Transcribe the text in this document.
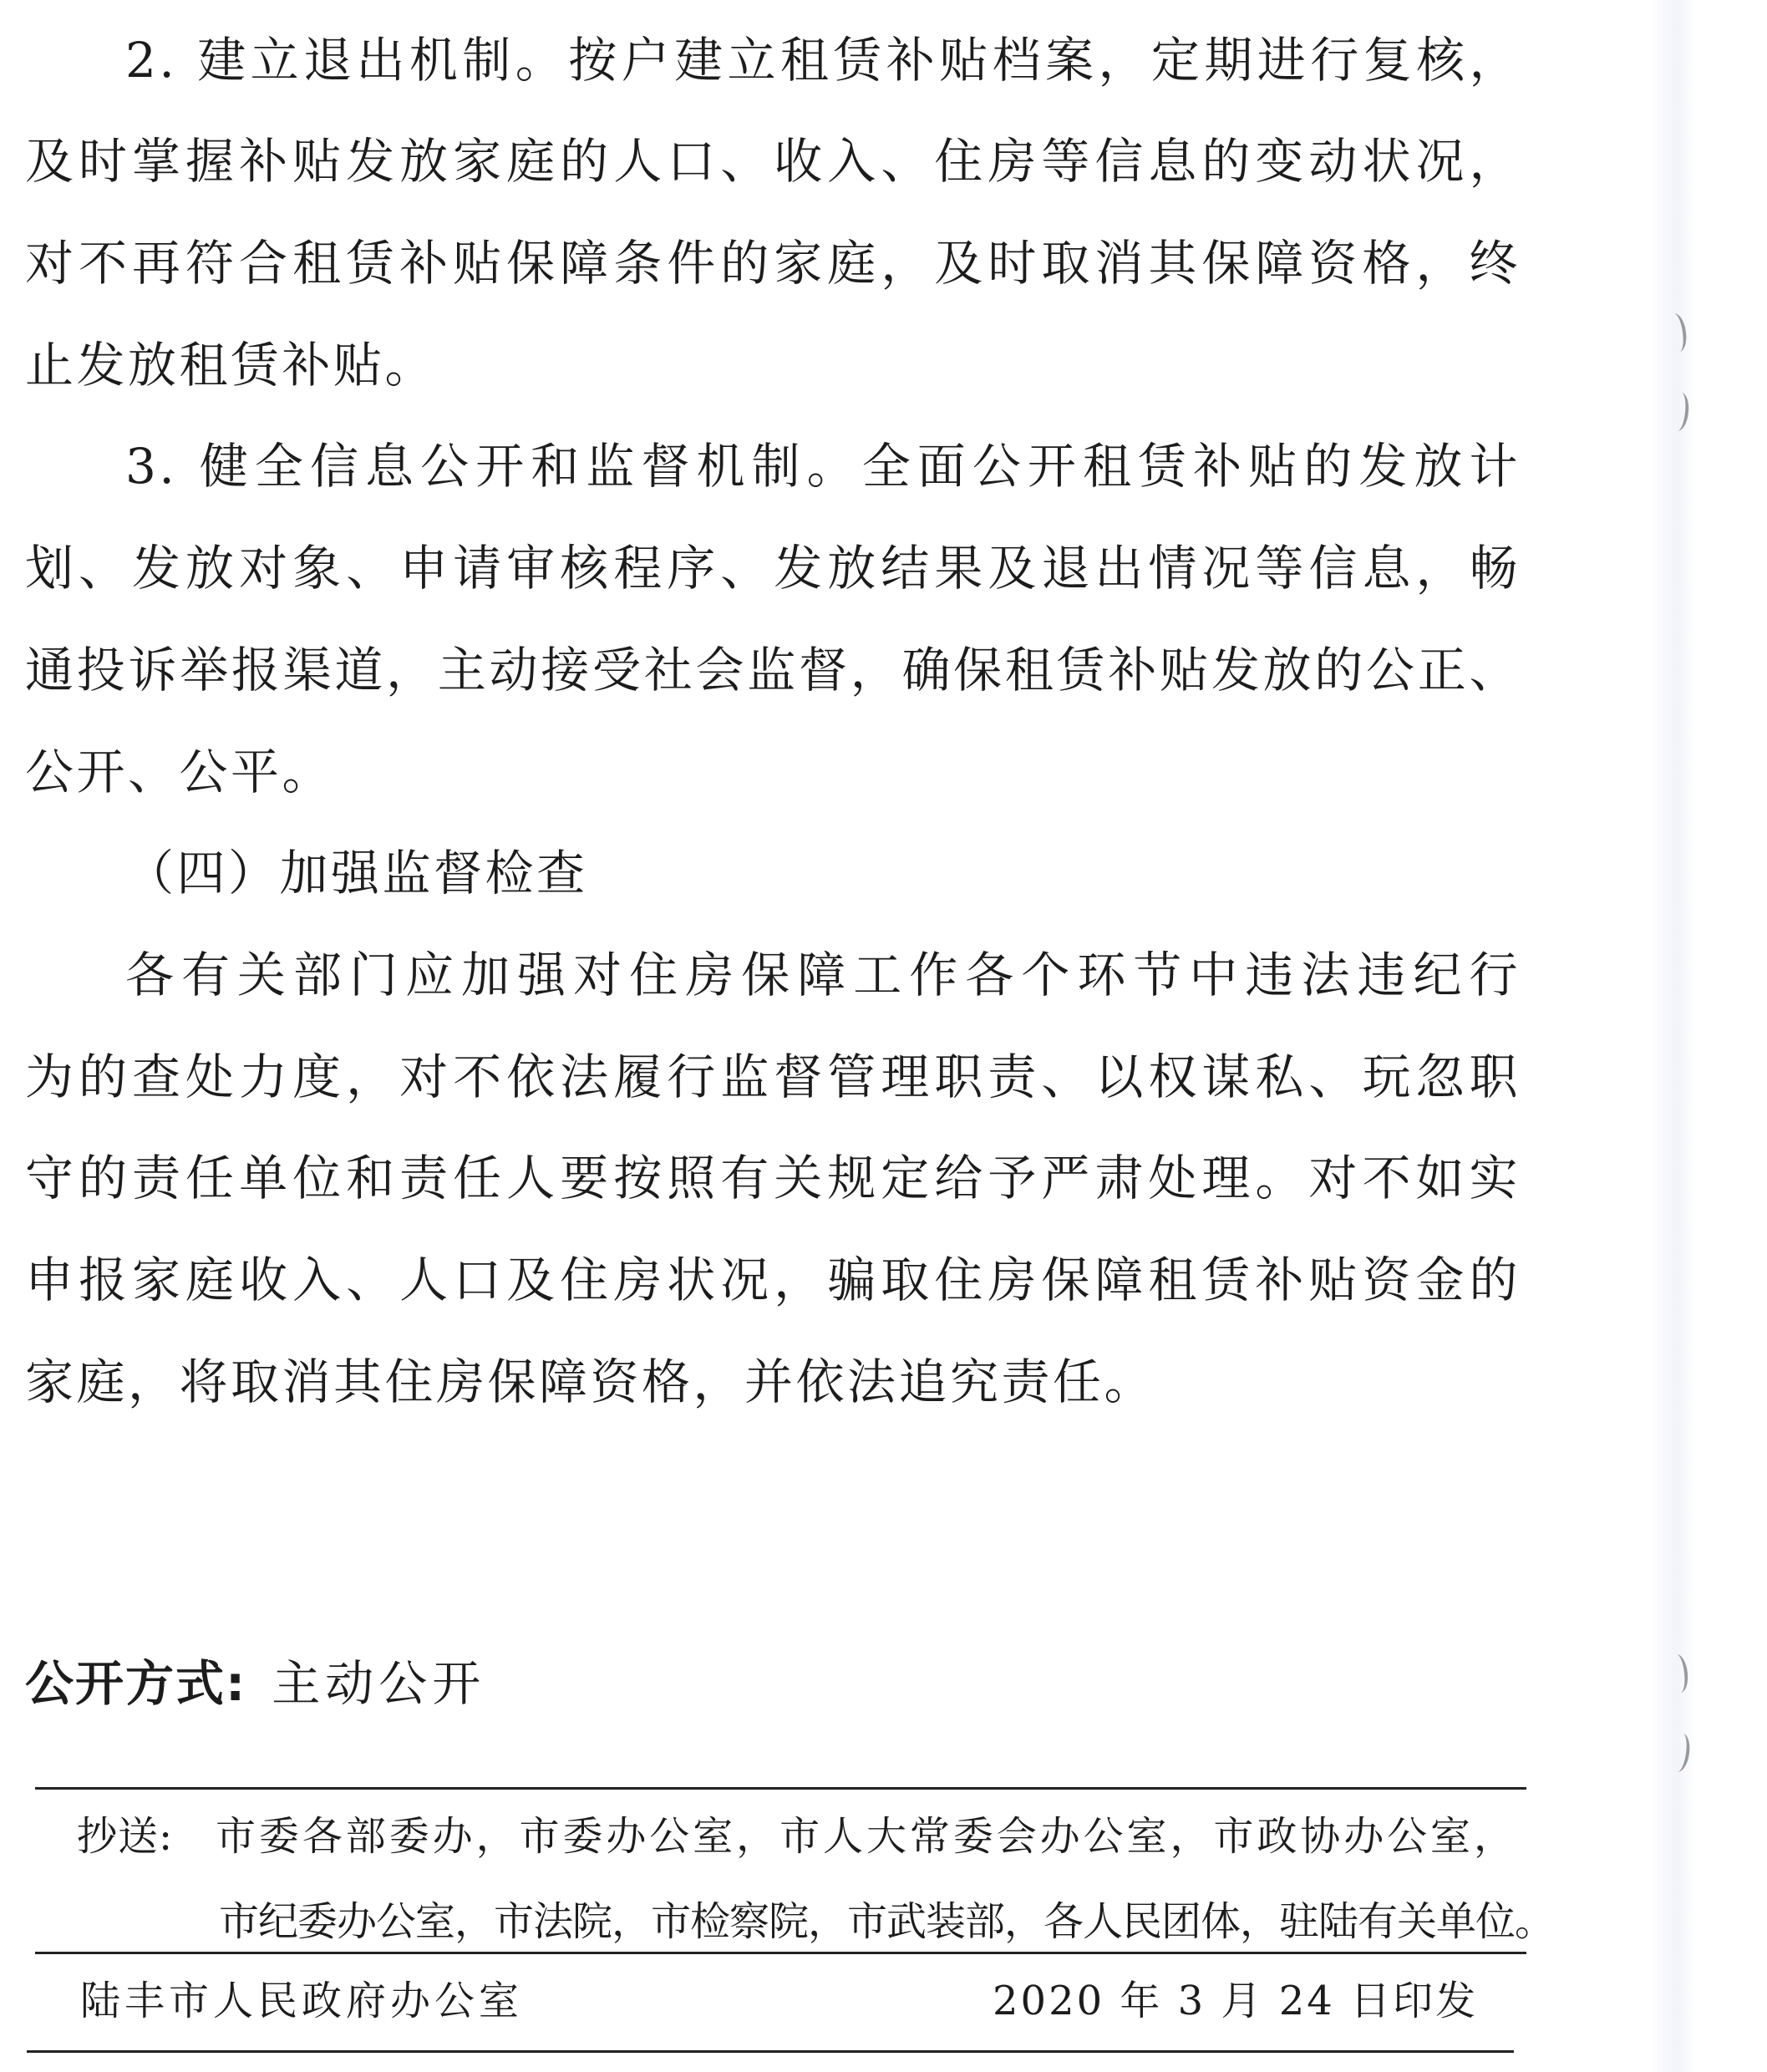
2. 建立退出机制。按户建立租赁补贴档案，定期进行复核，
及时掌握补贴发放家庭的人口、收入、住房等信息的变动状况，
对不再符合租赁补贴保障条件的家庭，及时取消其保障资格，终
止发放租赁补贴。
3. 健全信息公开和监督机制。全面公开租赁补贴的发放计
划、发放对象、申请审核程序、发放结果及退出情况等信息，畅
通投诉举报渠道，主动接受社会监督，确保租赁补贴发放的公正、
公开、公平。
（四）加强监督检查
各有关部门应加强对住房保障工作各个环节中违法违纪行
为的查处力度，对不依法履行监督管理职责、以权谋私、玩忽职
守的责任单位和责任人要按照有关规定给予严肃处理。对不如实
申报家庭收入、人口及住房状况，骗取住房保障租赁补贴资金的
家庭，将取消其住房保障资格，并依法追究责任。
公开方式: 主动公开
抄送: 市委各部委办，市委办公室，市人大常委会办公室，市政协办公室，
市纪委办公室，市法院，市检察院，市武装部，各人民团体，驻陆有关单位。
陆丰市人民政府办公室	2020 年 3 月 24 日印发
